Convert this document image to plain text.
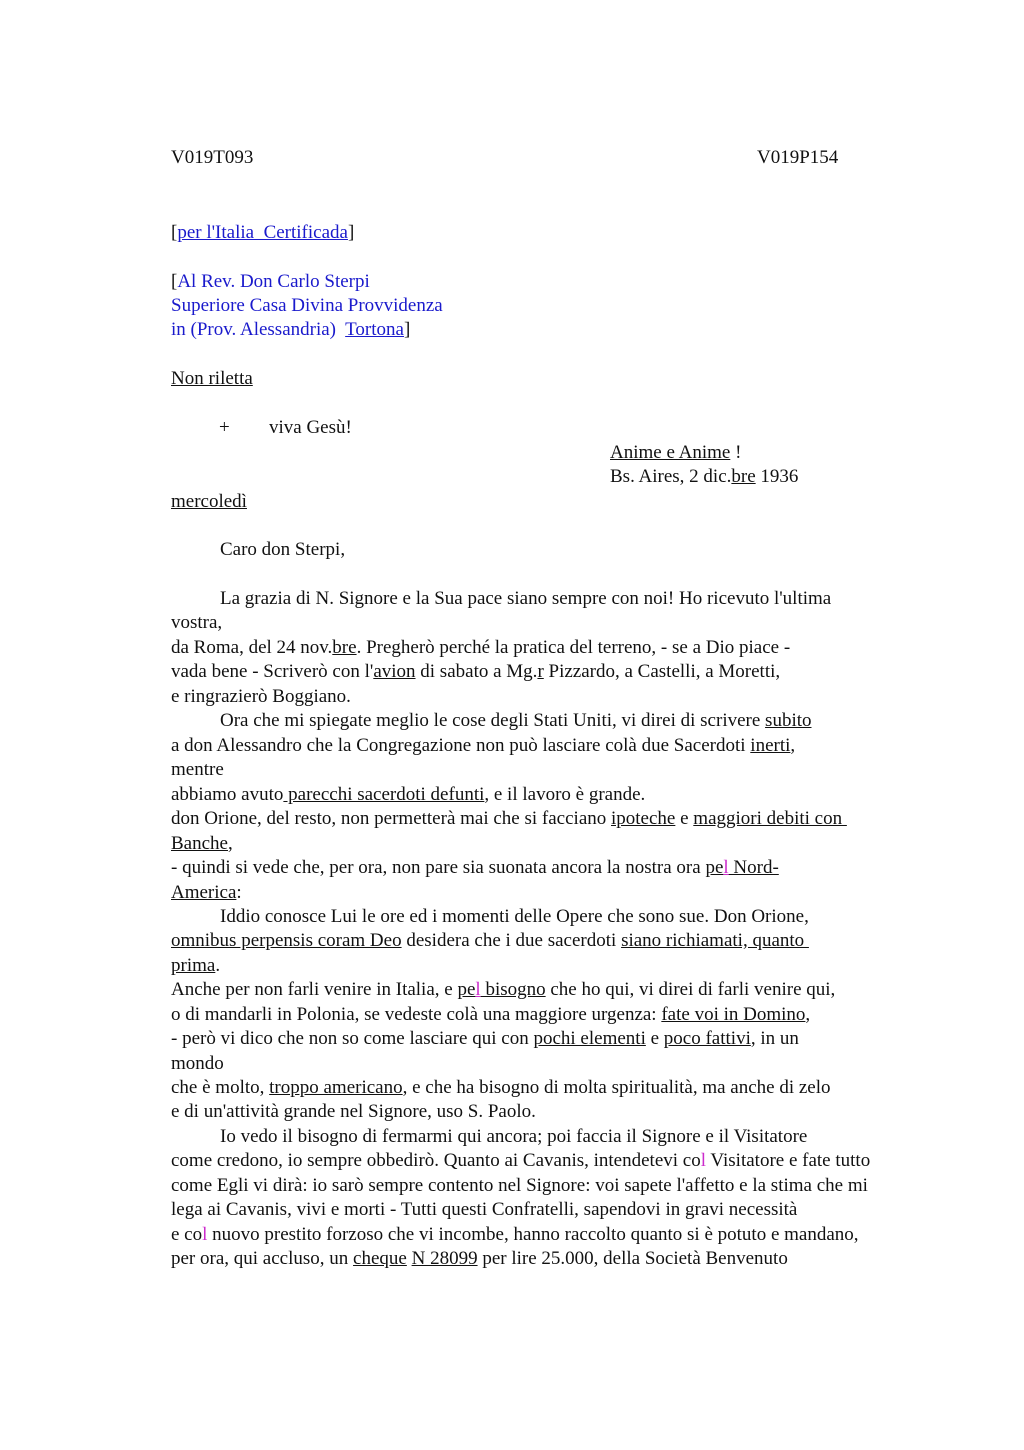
V019T093	V019P154
[per l'Italia  Certificada]
[Al Rev. Don Carlo Sterpi
Superiore Casa Divina Provvidenza
in (Prov. Alessandria)  Tortona]
Non riletta
+ viva Gesù!
Anime e Anime !
Bs. Aires, 2 dic.bre 1936
mercoledì
Caro don Sterpi,
La grazia di N. Signore e la Sua pace siano sempre con noi! Ho ricevuto l'ultima
vostra,
da Roma, del 24 nov.bre. Pregherò perché la pratica del terreno, - se a Dio piace -
vada bene - Scriverò con l'avion di sabato a Mg.r Pizzardo, a Castelli, a Moretti,
e ringrazierò Boggiano.
Ora che mi spiegate meglio le cose degli Stati Uniti, vi direi di scrivere subito
a don Alessandro che la Congregazione non può lasciare colà due Sacerdoti inerti,
mentre
abbiamo avuto parecchi sacerdoti defunti, e il lavoro è grande.
don Orione, del resto, non permetterà mai che si facciano ipoteche e maggiori debiti con
Banche,
- quindi si vede che, per ora, non pare sia suonata ancora la nostra ora pel Nord-
America:
Iddio conosce Lui le ore ed i momenti delle Opere che sono sue. Don Orione,
omnibus perpensis coram Deo desidera che i due sacerdoti siano richiamati, quanto
prima.
Anche per non farli venire in Italia, e pel bisogno che ho qui, vi direi di farli venire qui,
o di mandarli in Polonia, se vedeste colà una maggiore urgenza: fate voi in Domino,
- però vi dico che non so come lasciare qui con pochi elementi e poco fattivi, in un
mondo
che è molto, troppo americano, e che ha bisogno di molta spiritualità, ma anche di zelo
e di un'attività grande nel Signore, uso S. Paolo.
Io vedo il bisogno di fermarmi qui ancora; poi faccia il Signore e il Visitatore
come credono, io sempre obbedirò. Quanto ai Cavanis, intendetevi col Visitatore e fate tutto
come Egli vi dirà: io sarò sempre contento nel Signore: voi sapete l'affetto e la stima che mi
lega ai Cavanis, vivi e morti - Tutti questi Confratelli, sapendovi in gravi necessità
e col nuovo prestito forzoso che vi incombe, hanno raccolto quanto si è potuto e mandano,
per ora, qui accluso, un cheque N 28099 per lire 25.000, della Società Benvenuto
